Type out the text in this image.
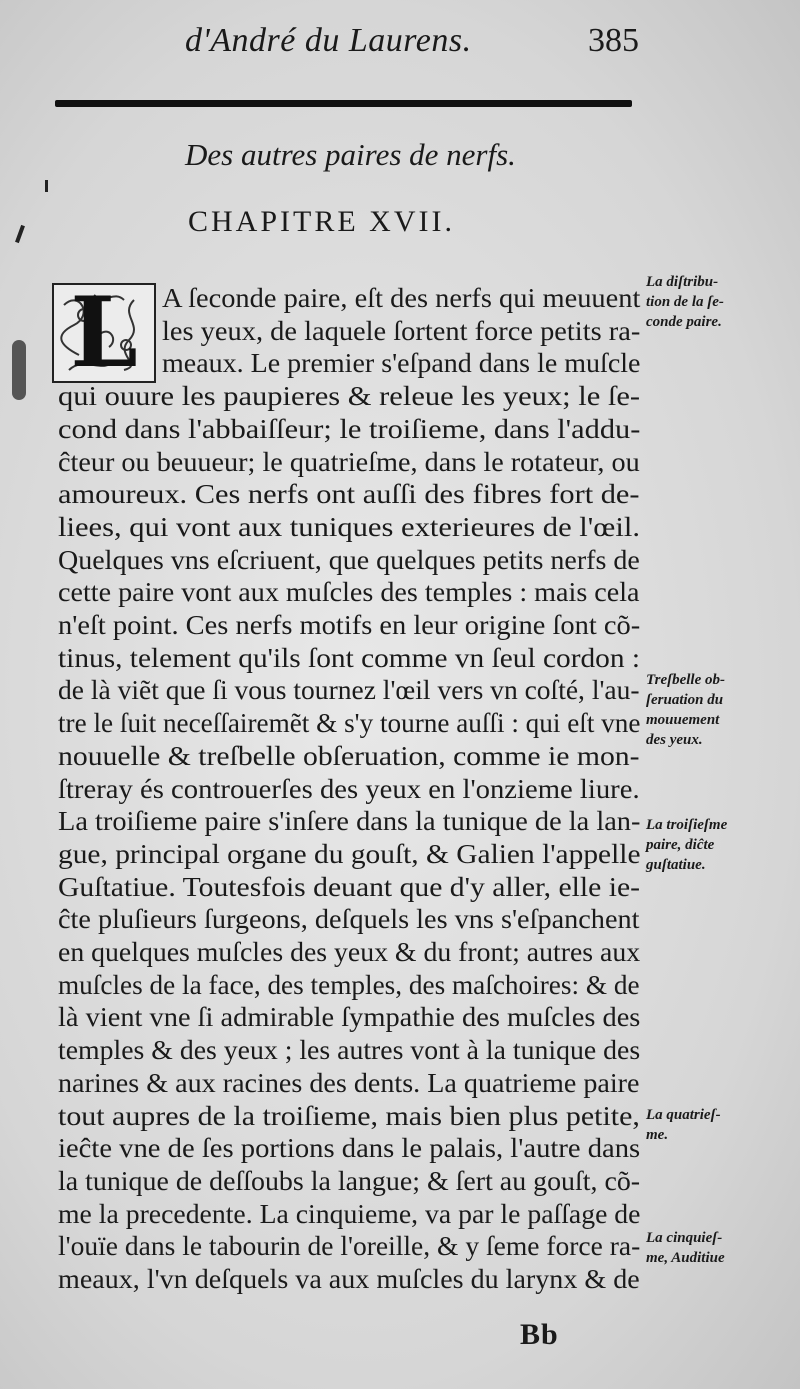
d'André du Laurens.	385
Des autres paires de nerfs.
CHAPITRE XVII.
L A ſeconde paire, eſt des nerfs qui meuuent
les yeux, de laquele ſortent force petits ra-
meaux. Le premier s'eſpand dans le muſcle
qui ouure les paupieres & releue les yeux; le ſe-
cond dans l'abbaiſſeur; le troiſieme, dans l'addu-
ĉteur ou beuueur; le quatrieſme, dans le rotateur, ou
amoureux. Ces nerfs ont auſſi des fibres fort de-
liees, qui vont aux tuniques exterieures de l'œil.
Quelques vns eſcriuent, que quelques petits nerfs de
cette paire vont aux muſcles des temples : mais cela
n'eſt point. Ces nerfs motifs en leur origine ſont cõ-
tinus, telement qu'ils ſont comme vn ſeul cordon :
de là viẽt que ſi vous tournez l'œil vers vn coſté, l'au-
tre le ſuit neceſſairemẽt & s'y tourne auſſi : qui eſt vne
nouuelle & treſbelle obſeruation, comme ie mon-
ſtreray és controuerſes des yeux en l'onzieme liure.
La troiſieme paire s'inſere dans la tunique de la lan-
gue, principal organe du gouſt, & Galien l'appelle
Guſtatiue. Toutesfois deuant que d'y aller, elle ie-
ĉte pluſieurs ſurgeons, deſquels les vns s'eſpanchent
en quelques muſcles des yeux & du front; autres aux
muſcles de la face, des temples, des maſchoires: & de
là vient vne ſi admirable ſympathie des muſcles des
temples & des yeux ; les autres vont à la tunique des
narines & aux racines des dents. La quatrieme paire
tout aupres de la troiſieme, mais bien plus petite,
ieĉte vne de ſes portions dans le palais, l'autre dans
la tunique de deſſoubs la langue; & ſert au gouſt, cõ-
me la precedente. La cinquieme, va par le paſſage de
l'ouïe dans le tabourin de l'oreille, & y ſeme force ra-
meaux, l'vn deſquels va aux muſcles du larynx & de
La diſtribu-
tion de la ſe-
conde paire.
Treſbelle ob-
ſeruation du
mouuement
des yeux.
La troiſieſme
paire, diĉte
guſtatiue.
La quatrieſ-
me.
La cinquieſ-
me, Auditiue
Bb
